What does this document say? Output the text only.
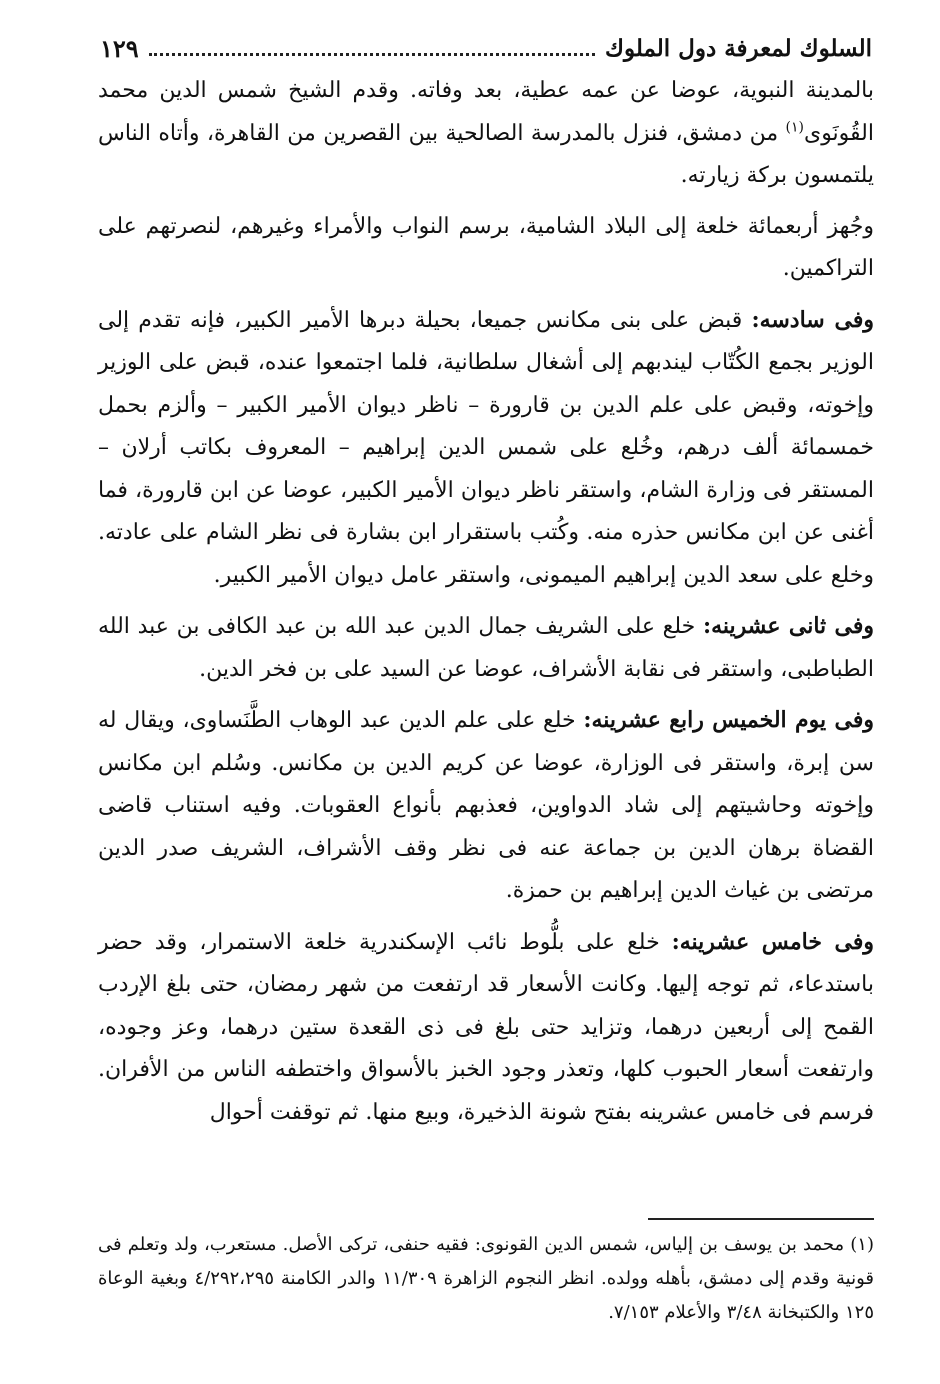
السلوك لمعرفة دول الملوك
١٢٩

بالمدينة النبوية، عوضا عن عمه عطية، بعد وفاته. وقدم الشيخ شمس الدين محمد القُونَوى$^{(١)}$ من دمشق، فنزل بالمدرسة الصالحية بين القصرين من القاهرة، وأتاه الناس يلتمسون بركة زيارته.

وجُهز أربعمائة خلعة إلى البلاد الشامية، برسم النواب والأمراء وغيرهم، لنصرتهم على التراكمين.

وفى سادسه: قبض على بنى مكانس جميعا، بحيلة دبرها الأمير الكبير، فإنه تقدم إلى الوزير بجمع الكُتّاب ليندبهم إلى أشغال سلطانية، فلما اجتمعوا عنده، قبض على الوزير وإخوته، وقبض على علم الدين بن قارورة – ناظر ديوان الأمير الكبير – وألزم بحمل خمسمائة ألف درهم، وخُلع على شمس الدين إبراهيم – المعروف بكاتب أرلان – المستقر فى وزارة الشام، واستقر ناظر ديوان الأمير الكبير، عوضا عن ابن قارورة، فما أغنى عن ابن مكانس حذره منه. وكُتب باستقرار ابن بشارة فى نظر الشام على عادته. وخلع على سعد الدين إبراهيم الميمونى، واستقر عامل ديوان الأمير الكبير.

وفى ثانى عشرينه: خلع على الشريف جمال الدين عبد الله بن عبد الكافى بن عبد الله الطباطبى، واستقر فى نقابة الأشراف، عوضا عن السيد على بن فخر الدين.

وفى يوم الخميس رابع عشرينه: خلع على علم الدين عبد الوهاب الطَّنَساوى، ويقال له سن إبرة، واستقر فى الوزارة، عوضا عن كريم الدين بن مكانس. وسُلم ابن مكانس وإخوته وحاشيتهم إلى شاد الدواوين، فعذبهم بأنواع العقوبات. وفيه استناب قاضى القضاة برهان الدين بن جماعة عنه فى نظر وقف الأشراف، الشريف صدر الدين مرتضى بن غياث الدين إبراهيم بن حمزة.

وفى خامس عشرينه: خلع على بلُّوط نائب الإسكندرية خلعة الاستمرار، وقد حضر باستدعاء، ثم توجه إليها. وكانت الأسعار قد ارتفعت من شهر رمضان، حتى بلغ الإردب القمح إلى أربعين درهما، وتزايد حتى بلغ فى ذى القعدة ستين درهما، وعز وجوده، وارتفعت أسعار الحبوب كلها، وتعذر وجود الخبز بالأسواق واختطفه الناس من الأفران. فرسم فى خامس عشرينه بفتح شونة الذخيرة، وبيع منها. ثم توقفت أحوال

(١) محمد بن يوسف بن إلياس، شمس الدين القونوى: فقيه حنفى، تركى الأصل. مستعرب، ولد وتعلم فى قونية وقدم إلى دمشق، بأهله وولده. انظر النجوم الزاهرة ١١/٣٠٩ والدر الكامنة ٤/٢٩٢،٢٩٥ وبغية الوعاة ١٢٥ والكتبخانة ٣/٤٨ والأعلام ٧/١٥٣.
